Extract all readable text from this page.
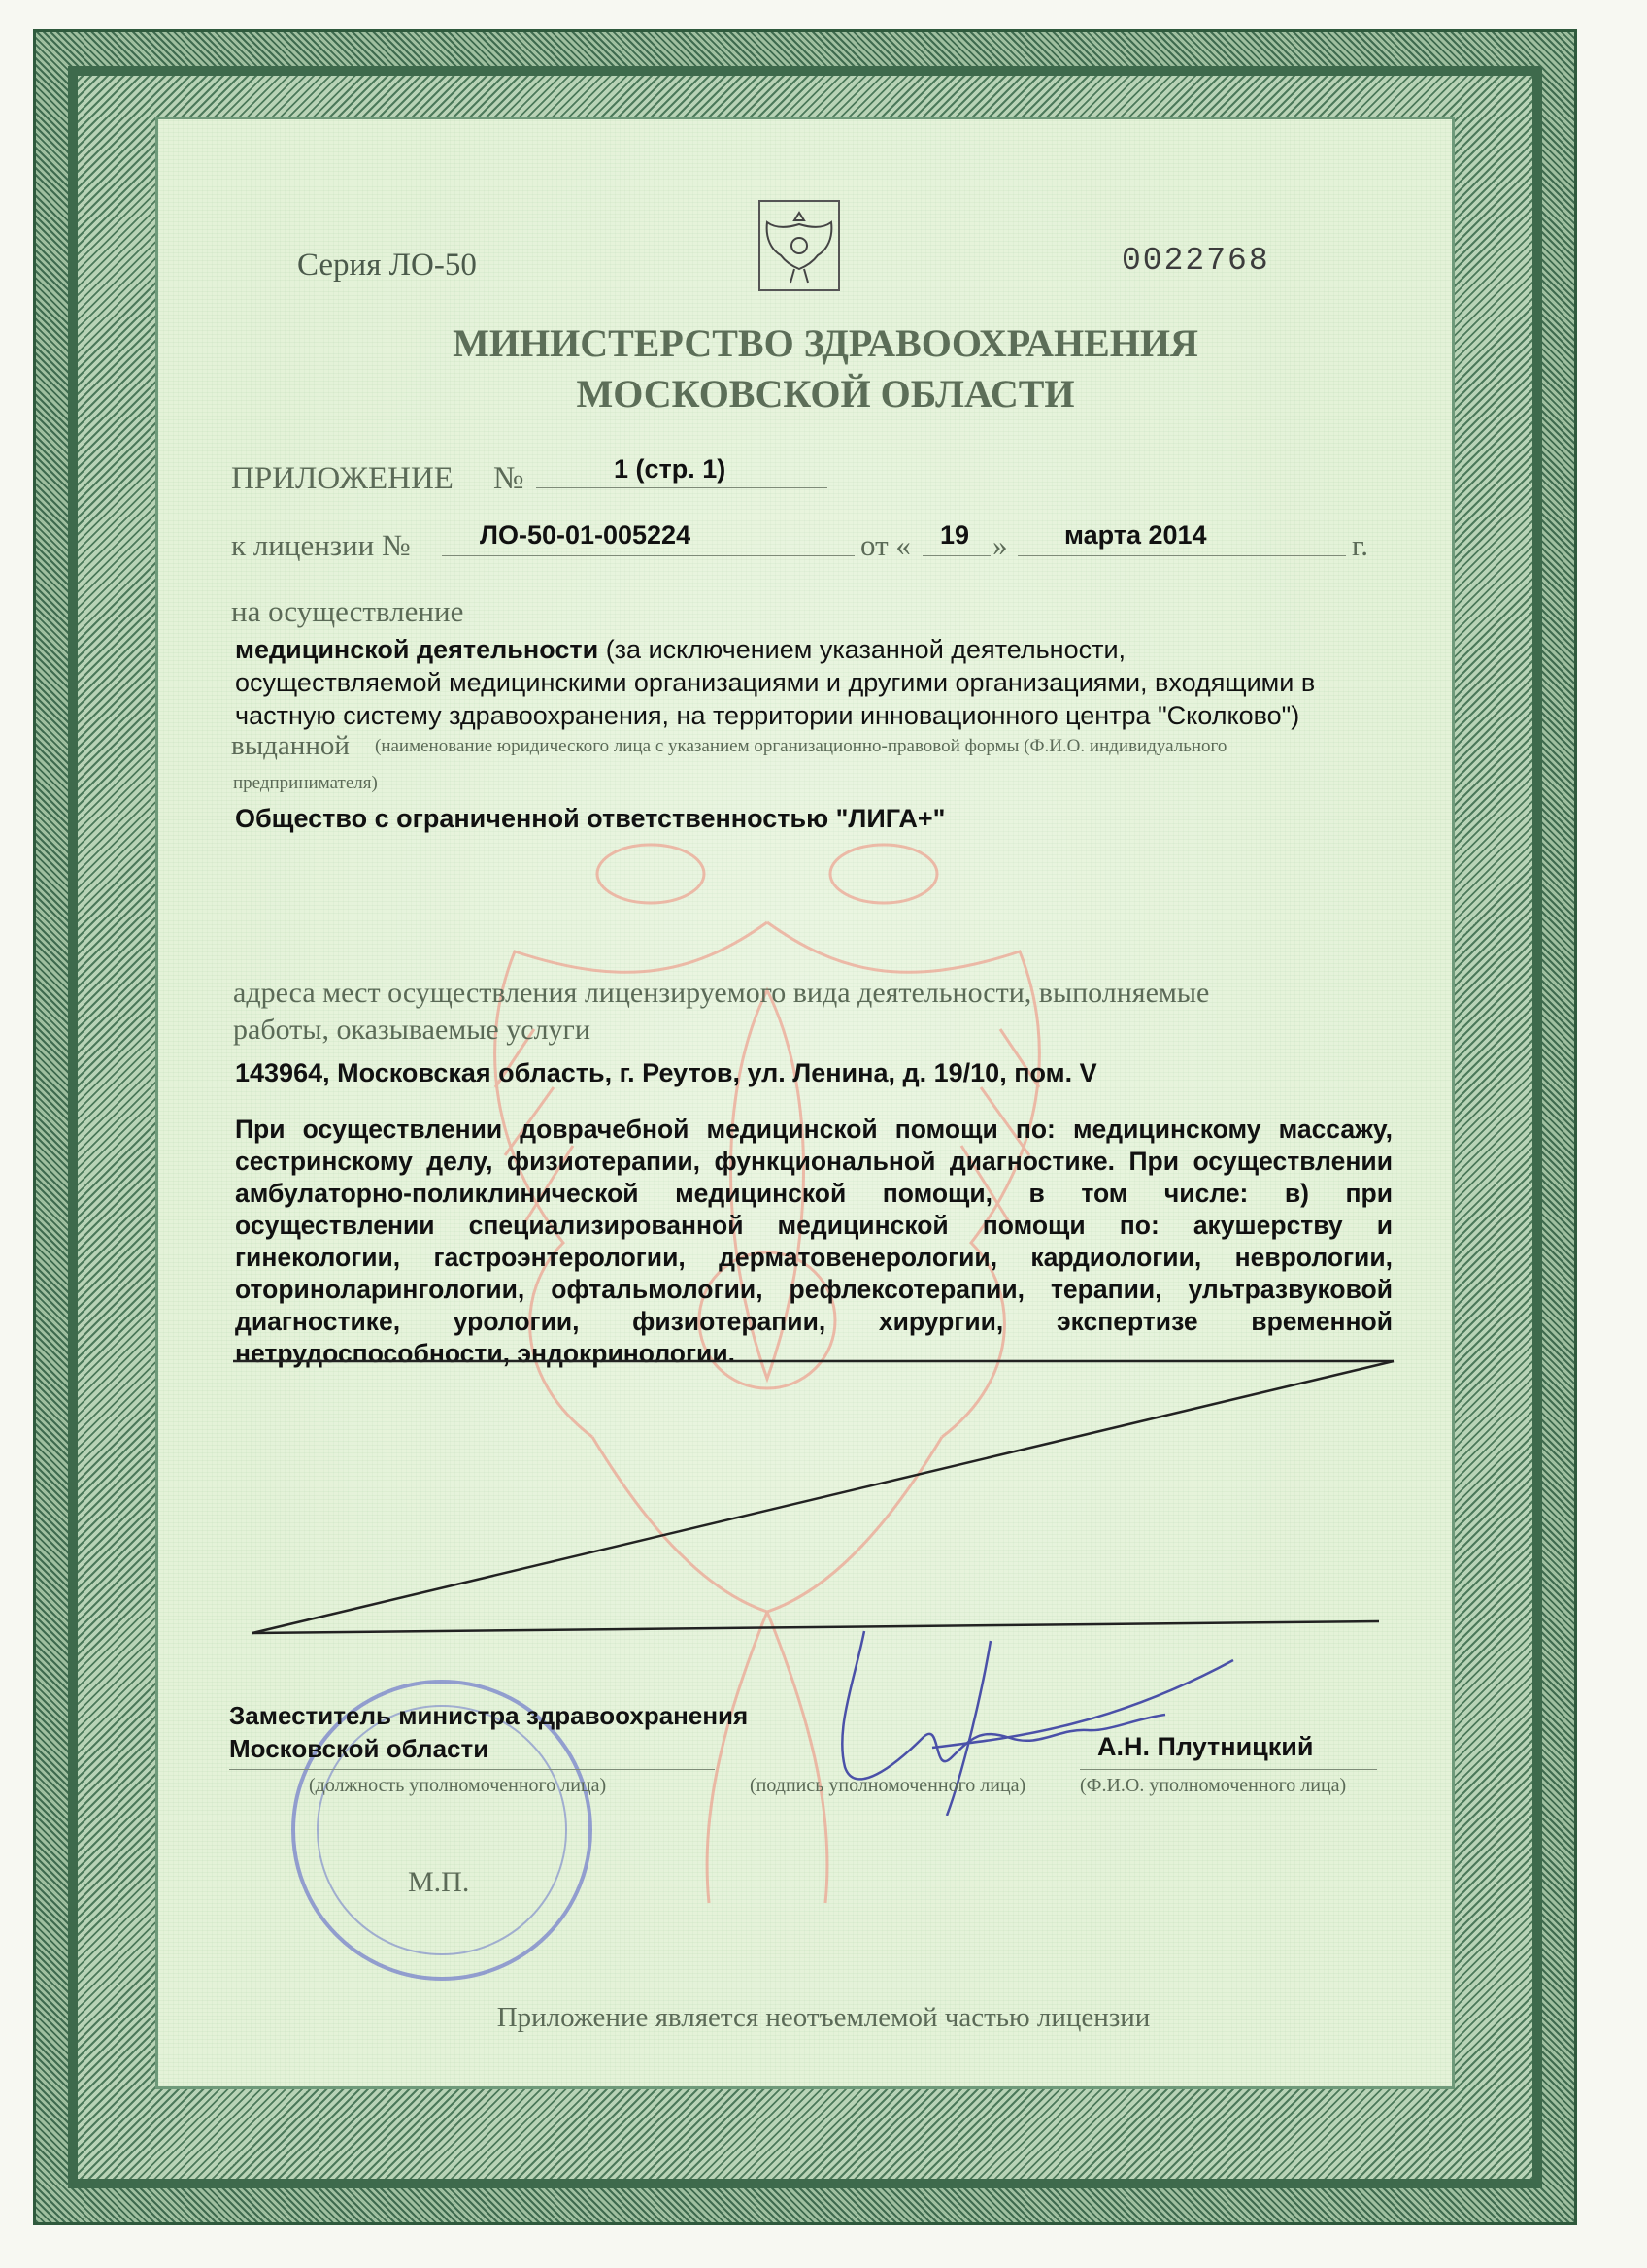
Серия ЛО-50	0022768
МИНИСТЕРСТВО ЗДРАВООХРАНЕНИЯ
МОСКОВСКОЙ ОБЛАСТИ
ПРИЛОЖЕНИЕ №	1 (стр. 1)
к лицензии №	ЛО-50-01-005224	от « 19 » марта 2014	г.
на осуществление
медицинской деятельности (за исключением указанной деятельности,
осуществляемой медицинскими организациями и другими организациями, входящими в
частную систему здравоохранения, на территории инновационного центра "Сколково")
выданной (наименование юридического лица с указанием организационно-правовой формы (Ф.И.О. индивидуального
предпринимателя)
Общество с ограниченной ответственностью "ЛИГА+"
адреса мест осуществления лицензируемого вида деятельности, выполняемые
работы, оказываемые услуги
143964, Московская область, г. Реутов, ул. Ленина, д. 19/10, пом. V
При осуществлении доврачебной медицинской помощи по: медицинскому массажу, сестринскому делу, физиотерапии, функциональной диагностике. При осуществлении амбулаторно-поликлинической медицинской помощи, в том числе: в) при осуществлении специализированной медицинской помощи по: акушерству и гинекологии, гастроэнтерологии, дерматовенерологии, кардиологии, неврологии, оториноларингологии, офтальмологии, рефлексотерапии, терапии, ультразвуковой диагностике, урологии, физиотерапии, хирургии, экспертизе временной нетрудоспособности, эндокринологии.
Заместитель министра здравоохранения
Московской области
(должность уполномоченного лица)	(подпись уполномоченного лица)
А.Н. Плутницкий
(Ф.И.О. уполномоченного лица)
М.П.
Приложение является неотъемлемой частью лицензии
